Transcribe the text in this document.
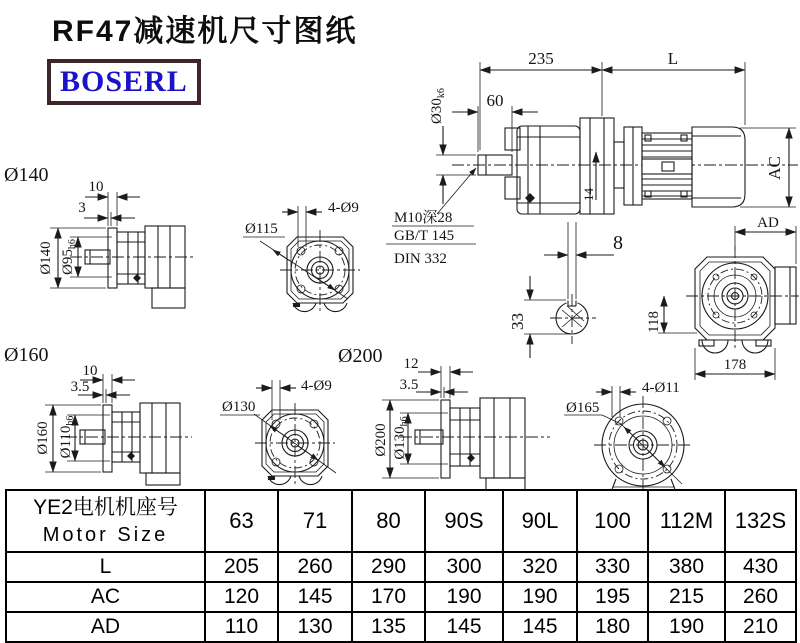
RF47减速机尺寸图纸
BOSERL
14
235	L
60
$Ø30_{k6}$
AC
M10深28
GB/T 145
DIN 332
8
33
AD
118
178
Ø140
10
3
Ø140 $Ø95_{h6}$
4-Ø9
Ø115
Ø160
10
3.5
Ø160 $Ø110_{h6}$
4-Ø9
Ø130
Ø200 12
3.5
Ø200 $Ø130_{h6}$
4-Ø11
Ø165
YE2电机机座号
Motor Size	63	71	80	90S	90L	100	112M	132S
L	205	260	290	300	320	330	380	430
AC	120	145	170	190	190	195	215	260
AD	110	130	135	145	145	180	190	210
